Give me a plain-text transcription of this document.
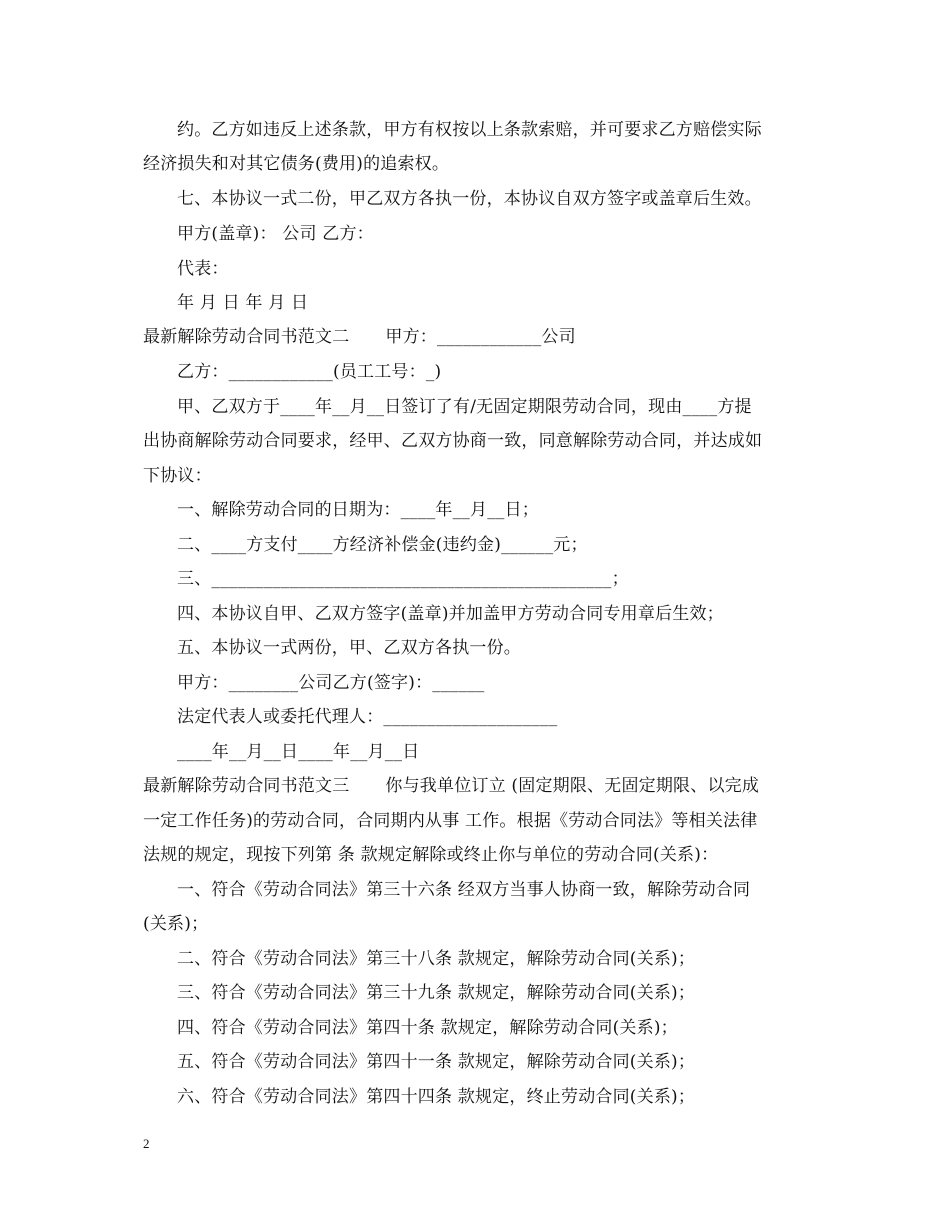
约。乙方如违反上述条款，甲方有权按以上条款索赔，并可要求乙方赔偿实际
经济损失和对其它债务(费用)的追索权。
七、本协议一式二份，甲乙双方各执一份，本协议自双方签字或盖章后生效。
甲方(盖章)： 公司 乙方：
代表：
年 月 日 年 月 日
最新解除劳动合同书范文二 甲方：____________公司
乙方：____________(员工工号：_)
甲、乙双方于____年__月__日签订了有/无固定期限劳动合同，现由____方提
出协商解除劳动合同要求，经甲、乙双方协商一致，同意解除劳动合同，并达成如
下协议：
一、解除劳动合同的日期为：____年__月__日；
二、____方支付____方经济补偿金(违约金)______元；
三、______________________________________________；
四、本协议自甲、乙双方签字(盖章)并加盖甲方劳动合同专用章后生效；
五、本协议一式两份，甲、乙双方各执一份。
甲方：________公司乙方(签字)：______
法定代表人或委托代理人：____________________
____年__月__日____年__月__日
最新解除劳动合同书范文三 你与我单位订立 (固定期限、无固定期限、以完成
一定工作任务)的劳动合同，合同期内从事 工作。根据《劳动合同法》等相关法律
法规的规定，现按下列第 条 款规定解除或终止你与单位的劳动合同(关系)：
一、符合《劳动合同法》第三十六条 经双方当事人协商一致，解除劳动合同
(关系)；
二、符合《劳动合同法》第三十八条 款规定，解除劳动合同(关系)；
三、符合《劳动合同法》第三十九条 款规定，解除劳动合同(关系)；
四、符合《劳动合同法》第四十条 款规定，解除劳动合同(关系)；
五、符合《劳动合同法》第四十一条 款规定，解除劳动合同(关系)；
六、符合《劳动合同法》第四十四条 款规定，终止劳动合同(关系)；
2
